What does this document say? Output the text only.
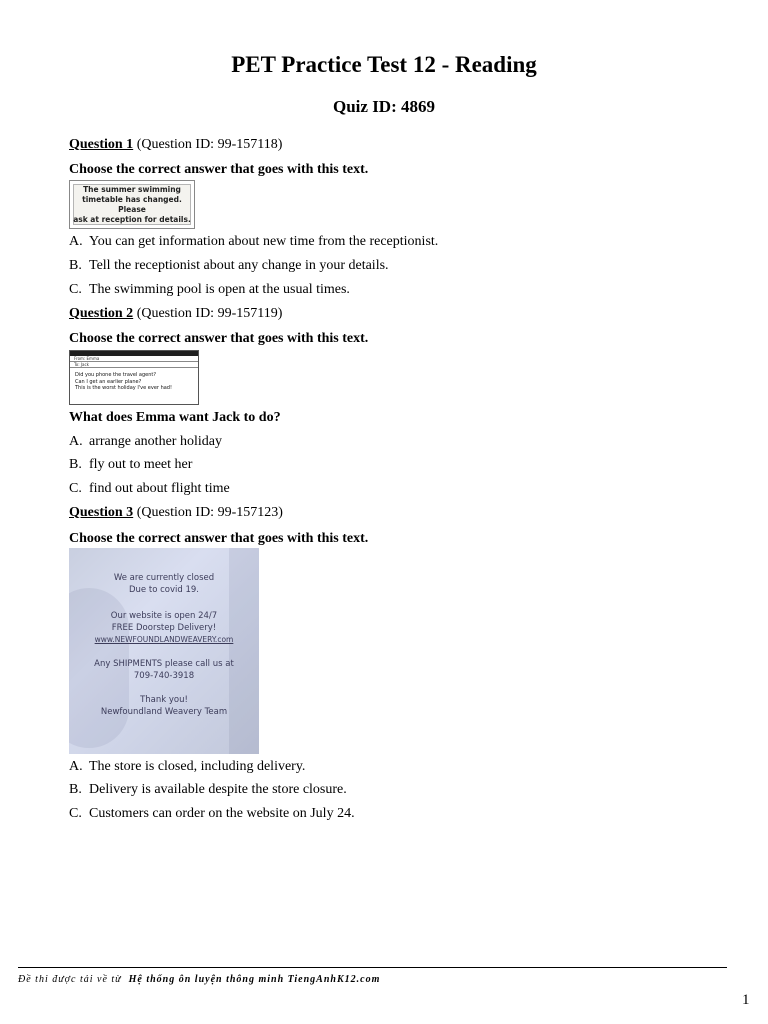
PET Practice Test 12 - Reading
Quiz ID: 4869
Question 1 (Question ID: 99-157118)
Choose the correct answer that goes with this text.
The summer swimming
timetable has changed. Please
ask at reception for details.
A. You can get information about new time from the receptionist.
B. Tell the receptionist about any change in your details.
C. The swimming pool is open at the usual times.
Question 2 (Question ID: 99-157119)
Choose the correct answer that goes with this text.
From: Emma
To: Jack
Did you phone the travel agent?
Can I get an earlier plane?
This is the worst holiday I've ever had!
What does Emma want Jack to do?
A. arrange another holiday
B. fly out to meet her
C. find out about flight time
Question 3 (Question ID: 99-157123)
Choose the correct answer that goes with this text.
We are currently closed
Due to covid 19.
Our website is open 24/7
FREE Doorstep Delivery!
www.NEWFOUNDLANDWEAVERY.com
Any SHIPMENTS please call us at
709-740-3918
Thank you!
Newfoundland Weavery Team
A. The store is closed, including delivery.
B. Delivery is available despite the store closure.
C. Customers can order on the website on July 24.
Đề thi được tải về từ Hệ thống ôn luyện thông minh TiengAnhK12.com
1
